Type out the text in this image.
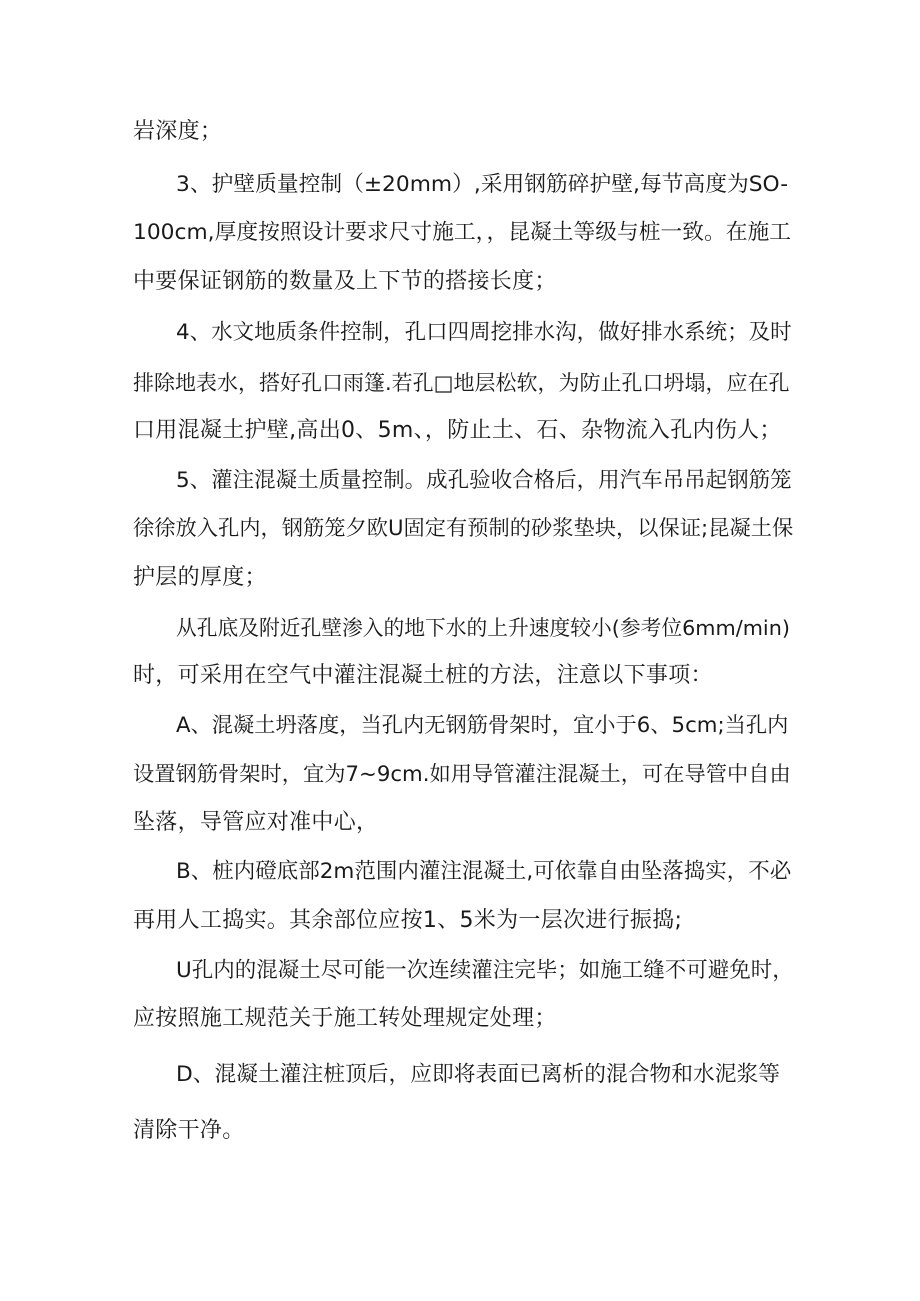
岩深度；
3、护壁质量控制（±20mm）,采用钢筋碎护壁,每节高度为SO-
100cm,厚度按照设计要求尺寸施工，，昆凝土等级与桩一致。在施工
中要保证钢筋的数量及上下节的搭接长度；
4、水文地质条件控制，孔口四周挖排水沟，做好排水系统；及时
排除地表水，搭好孔口雨篷.若孔□地层松软，为防止孔口坍塌，应在孔
口用混凝土护壁,高出0、5m、，防止土、石、杂物流入孔内伤人；
5、灌注混凝土质量控制。成孔验收合格后，用汽车吊吊起钢筋笼
徐徐放入孔内，钢筋笼夕欧U固定有预制的砂浆垫块，以保证;昆凝土保
护层的厚度；
从孔底及附近孔壁渗入的地下水的上升速度较小(参考位6mm∕min)
时，可采用在空气中灌注混凝土桩的方法，注意以下事项：
A、混凝土坍落度，当孔内无钢筋骨架时，宜小于6、5cm;当孔内
设置钢筋骨架时，宜为7~9cm.如用导管灌注混凝土，可在导管中自由
坠落，导管应对准中心，
B、桩内磴底部2m范围内灌注混凝土,可依靠自由坠落捣实，不必
再用人工捣实。其余部位应按1、5米为一层次进行振捣;
U孔内的混凝土尽可能一次连续灌注完毕；如施工缝不可避免时，
应按照施工规范关于施工转处理规定处理；
D、混凝土灌注桩顶后，应即将表面已离析的混合物和水泥浆等
清除干净。
